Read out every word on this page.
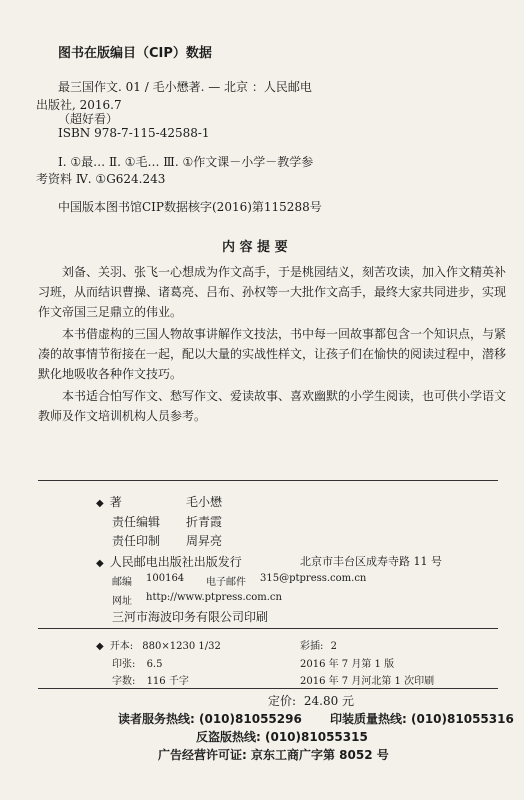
图书在版编目（CIP）数据
最三国作文. 01 / 毛小懋著. — 北京 ：人民邮电
出版社, 2016.7
（超好看）
ISBN 978-7-115-42588-1
Ⅰ. ①最… Ⅱ. ①毛… Ⅲ. ①作文课－小学－教学参
考资料 Ⅳ. ①G624.243
中国版本图书馆CIP数据核字(2016)第115288号
内 容 提 要
刘备、关羽、张飞一心想成为作文高手，于是桃园结义，刻苦攻读，加入作文精英补习班，从而结识曹操、诸葛亮、吕布、孙权等一大批作文高手，最终大家共同进步，实现作文帝国三足鼎立的伟业。
本书借虚构的三国人物故事讲解作文技法，书中每一回故事都包含一个知识点，与紧凑的故事情节衔接在一起，配以大量的实战性样文，让孩子们在愉快的阅读过程中，潜移默化地吸收各种作文技巧。
本书适合怕写作文、愁写作文、爱读故事、喜欢幽默的小学生阅读，也可供小学语文教师及作文培训机构人员参考。
◆ 著	毛小懋
责任编辑 折青霞
责任印制 周昇亮
◆ 人民邮电出版社出版发行	北京市丰台区成寿寺路 11 号
邮编 100164 电子邮件 315@ptpress.com.cn
网址 http://www.ptpress.com.cn
三河市海波印务有限公司印刷
◆ 开本: 880×1230 1/32	彩插: 2
印张: 6.5	2016 年 7 月第 1 版
字数: 116 千字	2016 年 7 月河北第 1 次印刷
定价: 24.80 元
读者服务热线: (010)81055296 印装质量热线: (010)81055316
反盗版热线: (010)81055315
广告经营许可证: 京东工商广字第 8052 号
